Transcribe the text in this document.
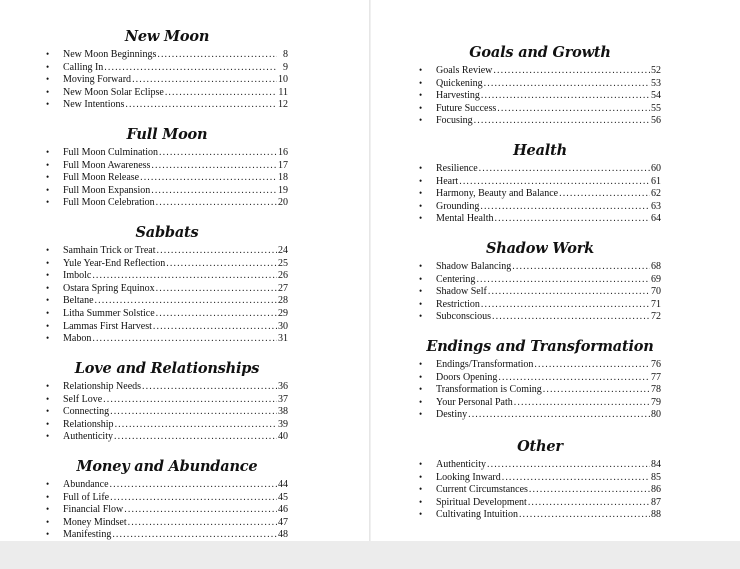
New Moon
•	New Moon Beginnings .....	8
•	Calling In .....	9
•	Moving Forward .....	10
•	New Moon Solar Eclipse .....	11
•	New Intentions .....	12
Full Moon
•	Full Moon Culmination .....	16
•	Full Moon Awareness .....	17
•	Full Moon Release .....	18
•	Full Moon Expansion .....	19
•	Full Moon Celebration .....	20
Sabbats
•	Samhain Trick or Treat .....	24
•	Yule Year-End Reflection .....	25
•	Imbolc .....	26
•	Ostara Spring Equinox .....	27
•	Beltane .....	28
•	Litha Summer Solstice .....	29
•	Lammas First Harvest .....	30
•	Mabon .....	31
Love and Relationships
•	Relationship Needs .....	36
•	Self Love .....	37
•	Connecting .....	38
•	Relationship .....	39
•	Authenticity .....	40
Money and Abundance
•	Abundance .....	44
•	Full of Life .....	45
•	Financial Flow .....	46
•	Money Mindset .....	47
•	Manifesting .....	48
Goals and Growth
•	Goals Review .....	52
•	Quickening .....	53
•	Harvesting .....	54
•	Future Success .....	55
•	Focusing .....	56
Health
•	Resilience .....	60
•	Heart .....	61
•	Harmony, Beauty and Balance .....	62
•	Grounding .....	63
•	Mental Health .....	64
Shadow Work
•	Shadow Balancing .....	68
•	Centering .....	69
•	Shadow Self .....	70
•	Restriction .....	71
•	Subconscious .....	72
Endings and Transformation
•	Endings/Transformation .....	76
•	Doors Opening .....	77
•	Transformation is Coming .....	78
•	Your Personal Path .....	79
•	Destiny .....	80
Other
•	Authenticity .....	84
•	Looking Inward .....	85
•	Current Circumstances .....	86
•	Spiritual Development .....	87
•	Cultivating Intuition .....	88
